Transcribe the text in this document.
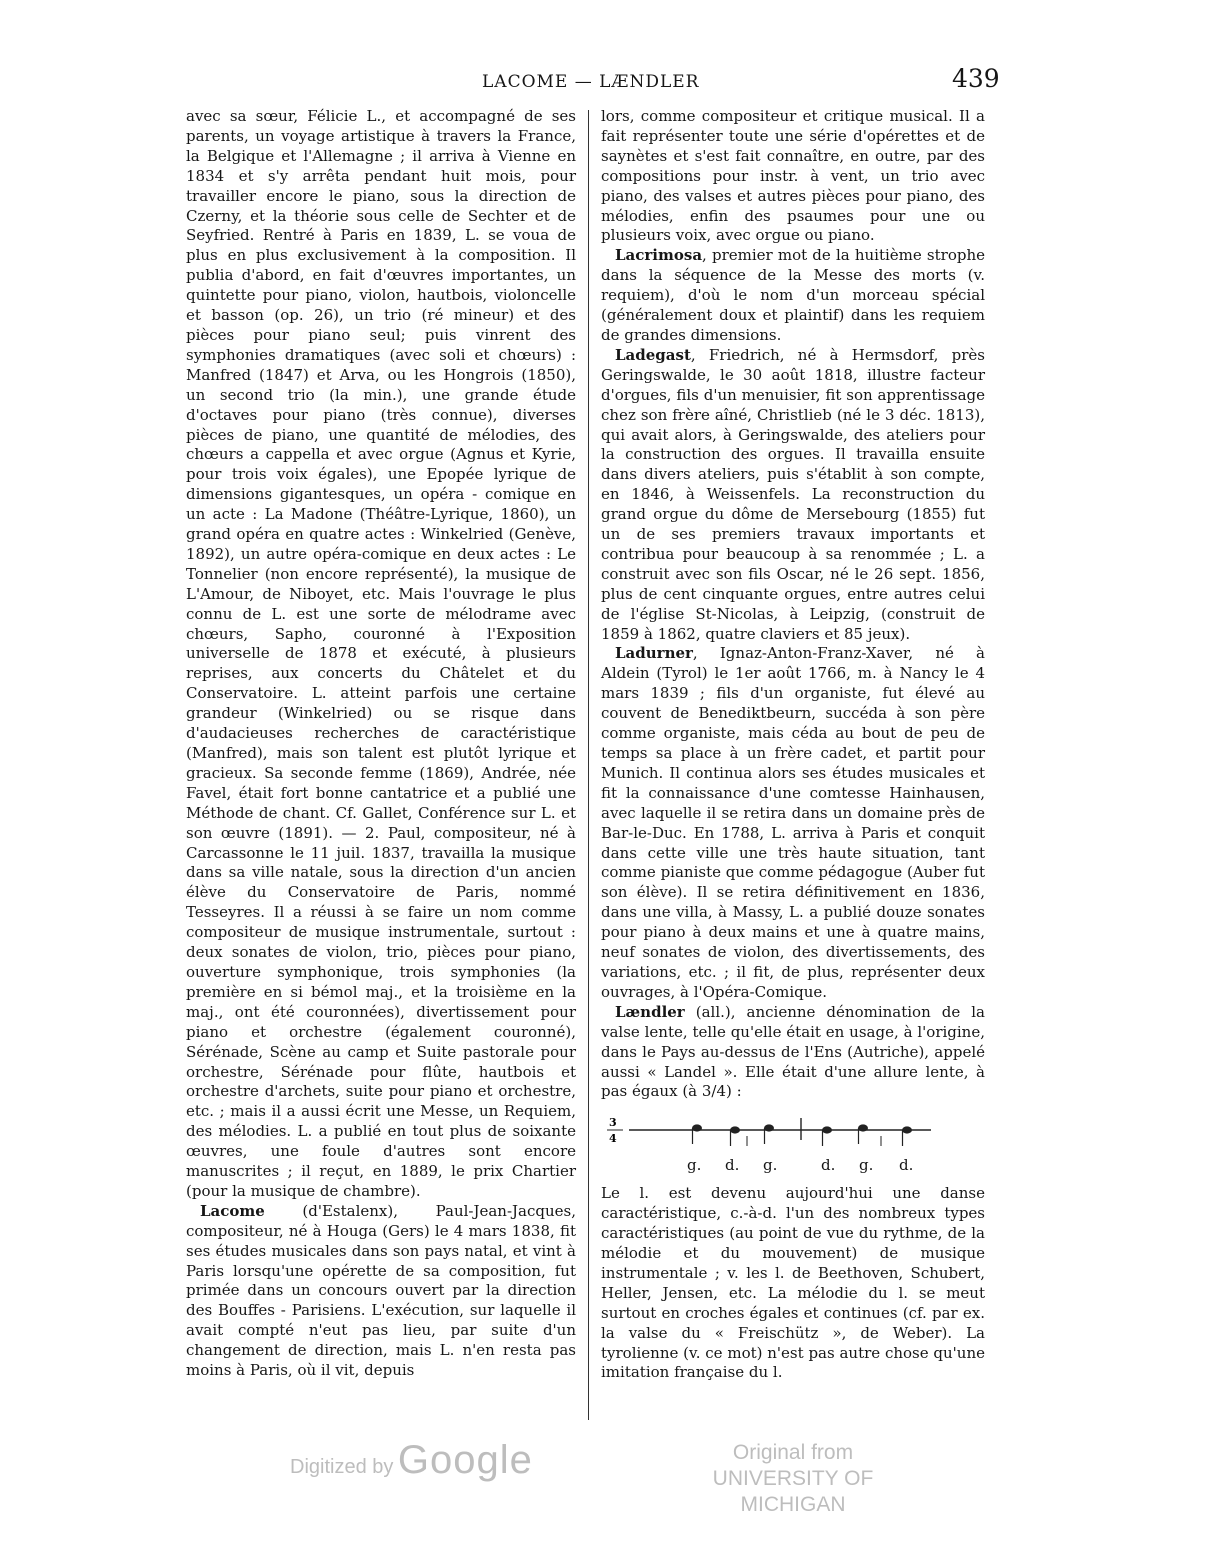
LACOME — LÆNDLER	439

avec sa sœur, Félicie L., et accompagné de ses parents, un voyage artistique à travers la France, la Belgique et l'Allemagne ; il arriva à Vienne en 1834 et s'y arrêta pendant huit mois, pour travailler encore le piano, sous la direction de Czerny, et la théorie sous celle de Sechter et de Seyfried. Rentré à Paris en 1839, L. se voua de plus en plus exclusivement à la composition. Il publia d'abord, en fait d'œuvres importantes, un quintette pour piano, violon, hautbois, violoncelle et basson (op. 26), un trio (ré mineur) et des pièces pour piano seul; puis vinrent des symphonies dramatiques (avec soli et chœurs) : Manfred (1847) et Arva, ou les Hongrois (1850), un second trio (la min.), une grande étude d'octaves pour piano (très connue), diverses pièces de piano, une quantité de mélodies, des chœurs a cappella et avec orgue (Agnus et Kyrie, pour trois voix égales), une Epopée lyrique de dimensions gigantesques, un opéra - comique en un acte : La Madone (Théâtre-Lyrique, 1860), un grand opéra en quatre actes : Winkelried (Genève, 1892), un autre opéra-comique en deux actes : Le Tonnelier (non encore représenté), la musique de L'Amour, de Niboyet, etc. Mais l'ouvrage le plus connu de L. est une sorte de mélodrame avec chœurs, Sapho, couronné à l'Exposition universelle de 1878 et exécuté, à plusieurs reprises, aux concerts du Châtelet et du Conservatoire. L. atteint parfois une certaine grandeur (Winkelried) ou se risque dans d'audacieuses recherches de caractéristique (Manfred), mais son talent est plutôt lyrique et gracieux. Sa seconde femme (1869), Andrée, née Favel, était fort bonne cantatrice et a publié une Méthode de chant. Cf. Gallet, Conférence sur L. et son œuvre (1891). — 2. Paul, compositeur, né à Carcassonne le 11 juil. 1837, travailla la musique dans sa ville natale, sous la direction d'un ancien élève du Conservatoire de Paris, nommé Tesseyres. Il a réussi à se faire un nom comme compositeur de musique instrumentale, surtout : deux sonates de violon, trio, pièces pour piano, ouverture symphonique, trois symphonies (la première en si bémol maj., et la troisième en la maj., ont été couronnées), divertissement pour piano et orchestre (également couronné), Sérénade, Scène au camp et Suite pastorale pour orchestre, Sérénade pour flûte, hautbois et orchestre d'archets, suite pour piano et orchestre, etc. ; mais il a aussi écrit une Messe, un Requiem, des mélodies. L. a publié en tout plus de soixante œuvres, une foule d'autres sont encore manuscrites ; il reçut, en 1889, le prix Chartier (pour la musique de chambre).

Lacome (d'Estalenx), Paul-Jean-Jacques, compositeur, né à Houga (Gers) le 4 mars 1838, fit ses études musicales dans son pays natal, et vint à Paris lorsqu'une opérette de sa composition, fut primée dans un concours ouvert par la direction des Bouffes - Parisiens. L'exécution, sur laquelle il avait compté n'eut pas lieu, par suite d'un changement de direction, mais L. n'en resta pas moins à Paris, où il vit, depuis

lors, comme compositeur et critique musical. Il a fait représenter toute une série d'opérettes et de saynètes et s'est fait connaître, en outre, par des compositions pour instr. à vent, un trio avec piano, des valses et autres pièces pour piano, des mélodies, enfin des psaumes pour une ou plusieurs voix, avec orgue ou piano.

Lacrimosa, premier mot de la huitième strophe dans la séquence de la Messe des morts (v. requiem), d'où le nom d'un morceau spécial (généralement doux et plaintif) dans les requiem de grandes dimensions.

Ladegast, Friedrich, né à Hermsdorf, près Geringswalde, le 30 août 1818, illustre facteur d'orgues, fils d'un menuisier, fit son apprentissage chez son frère aîné, Christlieb (né le 3 déc. 1813), qui avait alors, à Geringswalde, des ateliers pour la construction des orgues. Il travailla ensuite dans divers ateliers, puis s'établit à son compte, en 1846, à Weissenfels. La reconstruction du grand orgue du dôme de Mersebourg (1855) fut un de ses premiers travaux importants et contribua pour beaucoup à sa renommée ; L. a construit avec son fils Oscar, né le 26 sept. 1856, plus de cent cinquante orgues, entre autres celui de l'église St-Nicolas, à Leipzig, (construit de 1859 à 1862, quatre claviers et 85 jeux).

Ladurner, Ignaz-Anton-Franz-Xaver, né à Aldein (Tyrol) le 1er août 1766, m. à Nancy le 4 mars 1839 ; fils d'un organiste, fut élevé au couvent de Benediktbeurn, succéda à son père comme organiste, mais céda au bout de peu de temps sa place à un frère cadet, et partit pour Munich. Il continua alors ses études musicales et fit la connaissance d'une comtesse Hainhausen, avec laquelle il se retira dans un domaine près de Bar-le-Duc. En 1788, L. arriva à Paris et conquit dans cette ville une très haute situation, tant comme pianiste que comme pédagogue (Auber fut son élève). Il se retira définitivement en 1836, dans une villa, à Massy, L. a publié douze sonates pour piano à deux mains et une à quatre mains, neuf sonates de violon, des divertissements, des variations, etc. ; il fit, de plus, représenter deux ouvrages, à l'Opéra-Comique.

Lændler (all.), ancienne dénomination de la valse lente, telle qu'elle était en usage, à l'origine, dans le Pays au-dessus de l'Ens (Autriche), appelé aussi « Landel ». Elle était d'une allure lente, à pas égaux (à 3/4) :

3
4
g. d. g.	d. g. d.

Le l. est devenu aujourd'hui une danse caractéristique, c.-à-d. l'un des nombreux types caractéristiques (au point de vue du rythme, de la mélodie et du mouvement) de musique instrumentale ; v. les l. de Beethoven, Schubert, Heller, Jensen, etc. La mélodie du l. se meut surtout en croches égales et continues (cf. par ex. la valse du « Freischütz », de Weber). La tyrolienne (v. ce mot) n'est pas autre chose qu'une imitation française du l.

Digitized by Google	Original from
UNIVERSITY OF MICHIGAN
